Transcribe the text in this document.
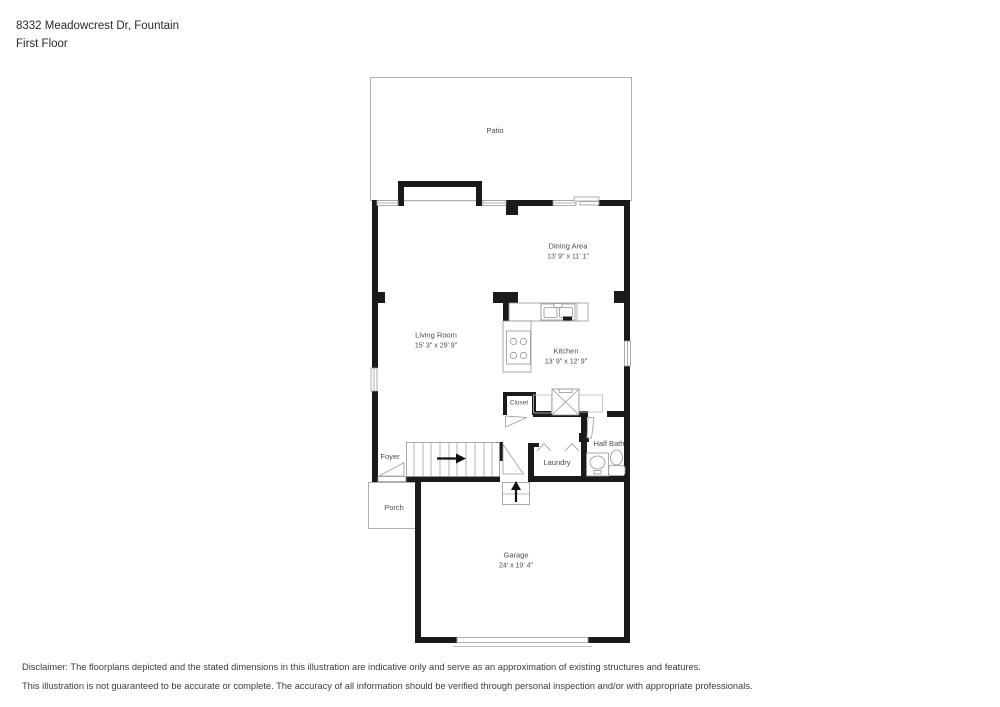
8332 Meadowcrest Dr, Fountain
First Floor
Patio
Dining Area
13' 9" x 11' 1"
Living Room
15' 3" x 29' 9"
Kitchen
13' 9" x 12' 9"
Closet
Foyer
Laundry
Half Bath
Porch
Garage
24' x 19' 4"

Disclaimer: The floorplans depicted and the stated dimensions in this illustration are indicative only and serve as an approximation of existing structures and features.

This illustration is not guaranteed to be accurate or complete. The accuracy of all information should be verified through personal inspection and/or with appropriate professionals.
